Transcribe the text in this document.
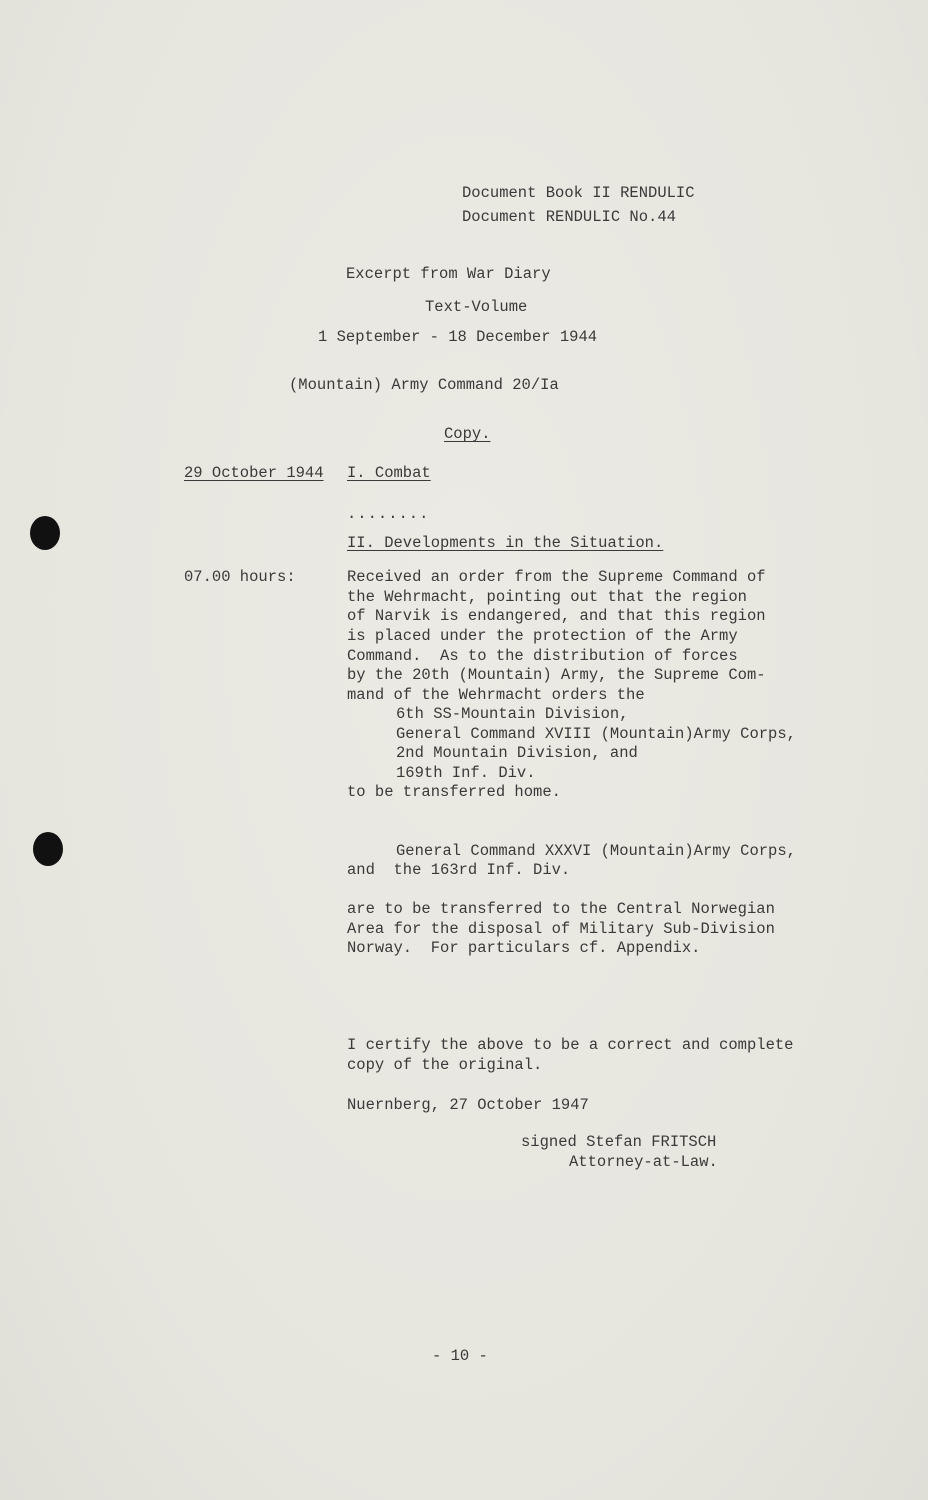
Document Book II RENDULIC
Document RENDULIC No.44
Excerpt from War Diary
Text-Volume
1 September - 18 December 1944
(Mountain) Army Command 20/Ia
Copy.
29 October 1944 I. Combat
........
II. Developments in the Situation.
07.00 hours:	Received an order from the Supreme Command of
the Wehrmacht, pointing out that the region
of Narvik is endangered, and that this region
is placed under the protection of the Army
Command.  As to the distribution of forces
by the 20th (Mountain) Army, the Supreme Com-
mand of the Wehrmacht orders the
6th SS-Mountain Division,
General Command XVIII (Mountain)Army Corps,
2nd Mountain Division, and
169th Inf. Div.
to be transferred home.
General Command XXXVI (Mountain)Army Corps,
and  the 163rd Inf. Div.
are to be transferred to the Central Norwegian
Area for the disposal of Military Sub-Division
Norway.  For particulars cf. Appendix.
I certify the above to be a correct and complete
copy of the original.
Nuernberg, 27 October 1947
signed Stefan FRITSCH
Attorney-at-Law.
- 10 -
